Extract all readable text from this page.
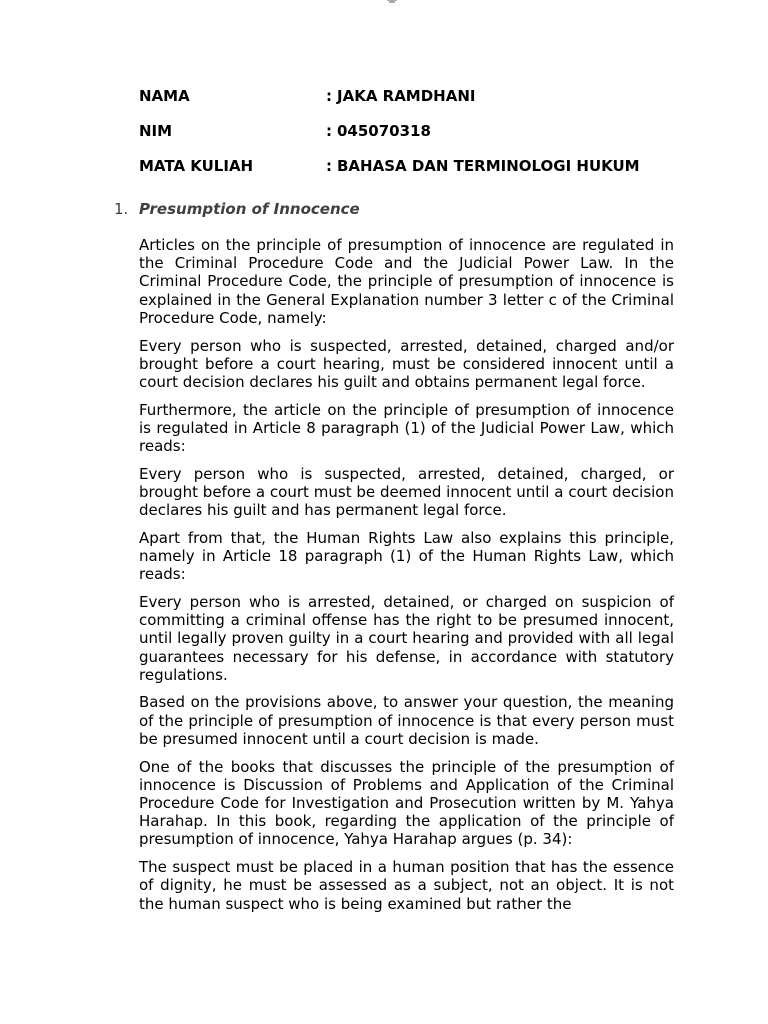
NAMA	: JAKA RAMDHANI
NIM	: 045070318
MATA KULIAH	: BAHASA DAN TERMINOLOGI HUKUM
1. Presumption of Innocence

Articles on the principle of presumption of innocence are regulated in the Criminal Procedure Code and the Judicial Power Law. In the Criminal Procedure Code, the principle of presumption of innocence is explained in the General Explanation number 3 letter c of the Criminal Procedure Code, namely:

Every person who is suspected, arrested, detained, charged and/or brought before a court hearing, must be considered innocent until a court decision declares his guilt and obtains permanent legal force.

Furthermore, the article on the principle of presumption of innocence is regulated in Article 8 paragraph (1) of the Judicial Power Law, which reads:

Every person who is suspected, arrested, detained, charged, or brought before a court must be deemed innocent until a court decision declares his guilt and has permanent legal force.

Apart from that, the Human Rights Law also explains this principle, namely in Article 18 paragraph (1) of the Human Rights Law, which reads:

Every person who is arrested, detained, or charged on suspicion of committing a criminal offense has the right to be presumed innocent, until legally proven guilty in a court hearing and provided with all legal guarantees necessary for his defense, in accordance with statutory regulations.

Based on the provisions above, to answer your question, the meaning of the principle of presumption of innocence is that every person must be presumed innocent until a court decision is made.

One of the books that discusses the principle of the presumption of innocence is Discussion of Problems and Application of the Criminal Procedure Code for Investigation and Prosecution written by M. Yahya Harahap. In this book, regarding the application of the principle of presumption of innocence, Yahya Harahap argues (p. 34):

The suspect must be placed in a human position that has the essence of dignity, he must be assessed as a subject, not an object. It is not the human suspect who is being examined but rather the
